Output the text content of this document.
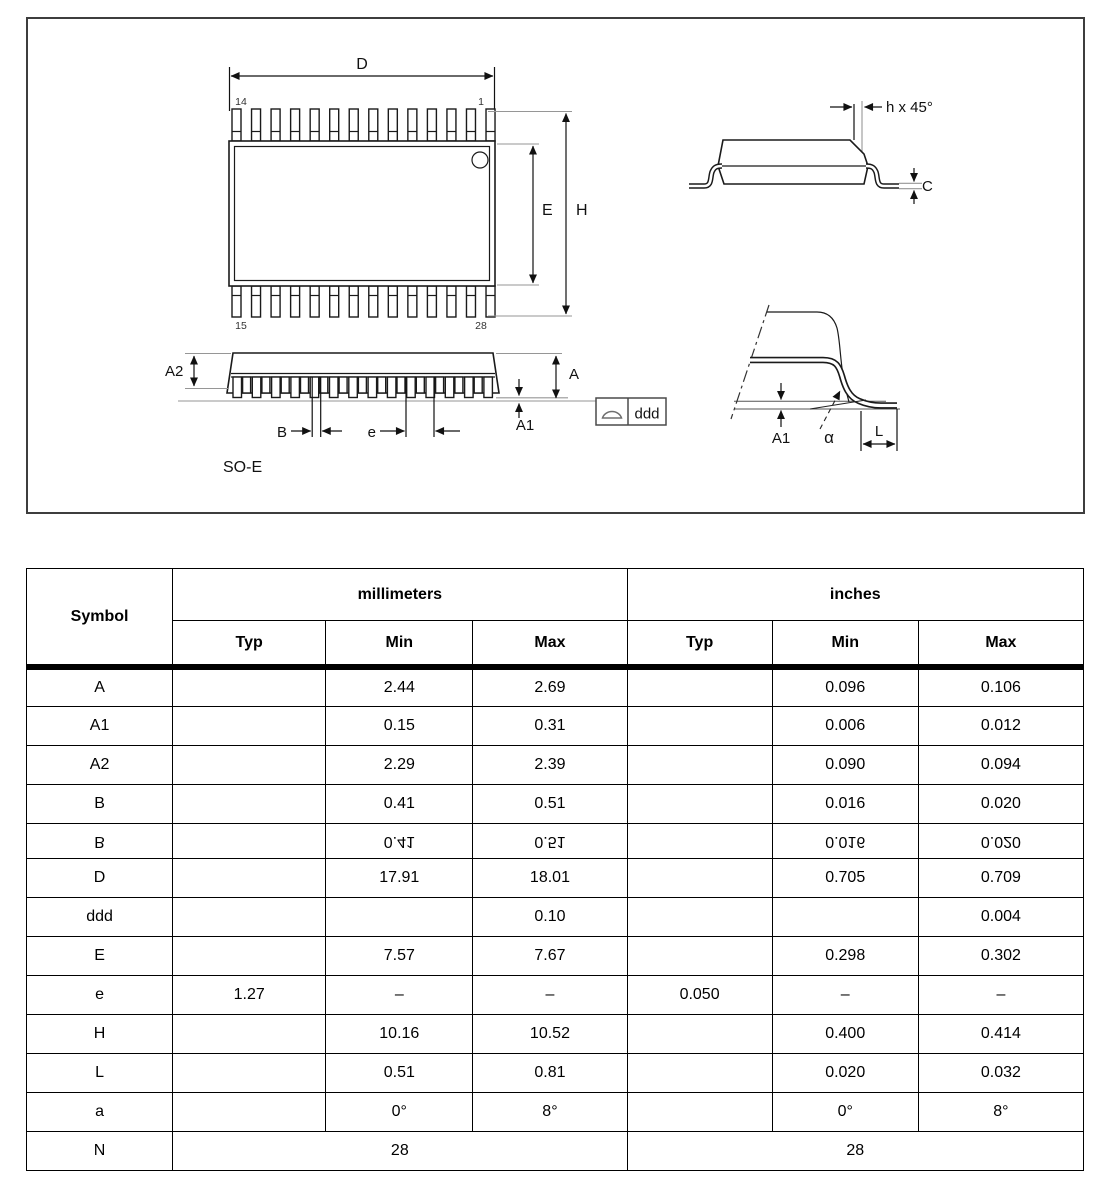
D
14	1
15	28
E H
h x 45°
C
A2	A
A1
B	e
SO-E
ddd
A1 α	L
Symbol	millimeters			inches		
	Typ	Min	Max	Typ	Min	Max
A		2.44	2.69		0.096	0.106
A1		0.15	0.31		0.006	0.012
A2		2.29	2.39		0.090	0.094
B		0.41	0.51		0.016	0.020
B		0.41	0.51		0.016	0.020
D		17.91	18.01		0.705	0.709
ddd			0.10			0.004
E		7.57	7.67		0.298	0.302
e	1.27	–	–	0.050	–	–
H		10.16	10.52		0.400	0.414
L		0.51	0.81		0.020	0.032
a		0°	8°		0°	8°
N	28			28		
